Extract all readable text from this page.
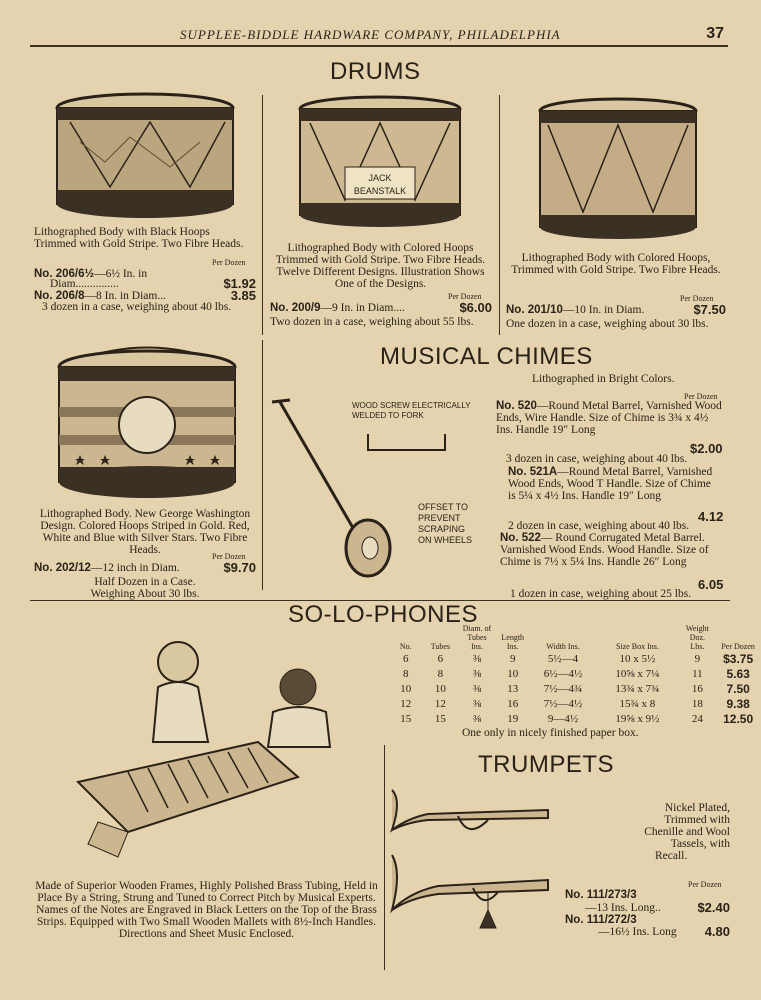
SUPPLEE-BIDDLE HARDWARE COMPANY, PHILADELPHIA	37
DRUMS
Lithographed Body with Black Hoops Trimmed with Gold Stripe. Two Fibre Heads.
Per Dozen
No. 206/6½—6½ In. in
Diam...............	$1.92
No. 206/8—8 In. in Diam...	3.85
3 dozen in a case, weighing about 40 lbs.
JACK
BEANSTALK
Lithographed Body with Colored Hoops Trimmed with Gold Stripe. Two Fibre Heads. Twelve Different Designs. Illustration Shows One of the Designs.
Per Dozen
No. 200/9—9 In. in Diam....	$6.00
Two dozen in a case, weighing about 55 lbs.
Lithographed Body with Colored Hoops, Trimmed with Gold Stripe. Two Fibre Heads.
Per Dozen
No. 201/10—10 In. in Diam.	$7.50
One dozen in a case, weighing about 30 lbs.
Lithographed Body. New George Washington Design. Colored Hoops Striped in Gold. Red, White and Blue with Silver Stars. Two Fibre Heads.
Per Dozen
No. 202/12—12 inch in Diam.	$9.70
Half Dozen in a Case.
Weighing About 30 lbs.
MUSICAL CHIMES
Lithographed in Bright Colors.
WOOD SCREW ELECTRICALLY
WELDED TO FORK
OFFSET TO
PREVENT
SCRAPING
ON WHEELS
Per Dozen
No. 520—Round Metal Barrel, Varnished Wood Ends, Wire Handle. Size of Chime is 3¾ x 4½ Ins. Handle 19″ Long
$2.00
3 dozen in case, weighing about 40 lbs.
No. 521A—Round Metal Barrel, Varnished Wood Ends, Wood T Handle. Size of Chime is 5¼ x 4½ Ins. Handle 19″ Long
4.12
2 dozen in case, weighing about 40 lbs.
No. 522— Round Corrugated Metal Barrel. Varnished Wood Ends. Wood Handle. Size of Chime is 7½ x 5¼ Ins. Handle 26″ Long
6.05
1 dozen in case, weighing about 25 lbs.
SO-LO-PHONES
No.	Tubes	Diam. of Tubes Ins.	Length Ins.	Width Ins.	Size Box Ins.	Weight Doz. Lbs.	Per Dozen
6	6	⅜	9	5½—4	10 x 5½	9	$3.75
8	8	⅜	10	6½—4½	10⅝ x 7¼	11	5.63
10	10	⅜	13	7½—4¾	13¾ x 7¾	16	7.50
12	12	⅜	16	7½—4½	15¾ x 8	18	9.38
15	15	⅜	19	9—4½	19⅝ x 9½	24	12.50
One only in nicely finished paper box.
Made of Superior Wooden Frames, Highly Polished Brass Tubing, Held in Place By a String, Strung and Tuned to Correct Pitch by Musical Experts. Names of the Notes are Engraved in Black Letters on the Top of the Brass Strips. Equipped with Two Small Wooden Mallets with 8½-Inch Handles. Directions and Sheet Music Enclosed.
TRUMPETS
Nickel Plated,
Trimmed with
Chenille and Wool
Tassels, with
Recall.
Per Dozen
No. 111/273/3
—13 Ins. Long..	$2.40
No. 111/272/3
—16½ Ins. Long 4.80
